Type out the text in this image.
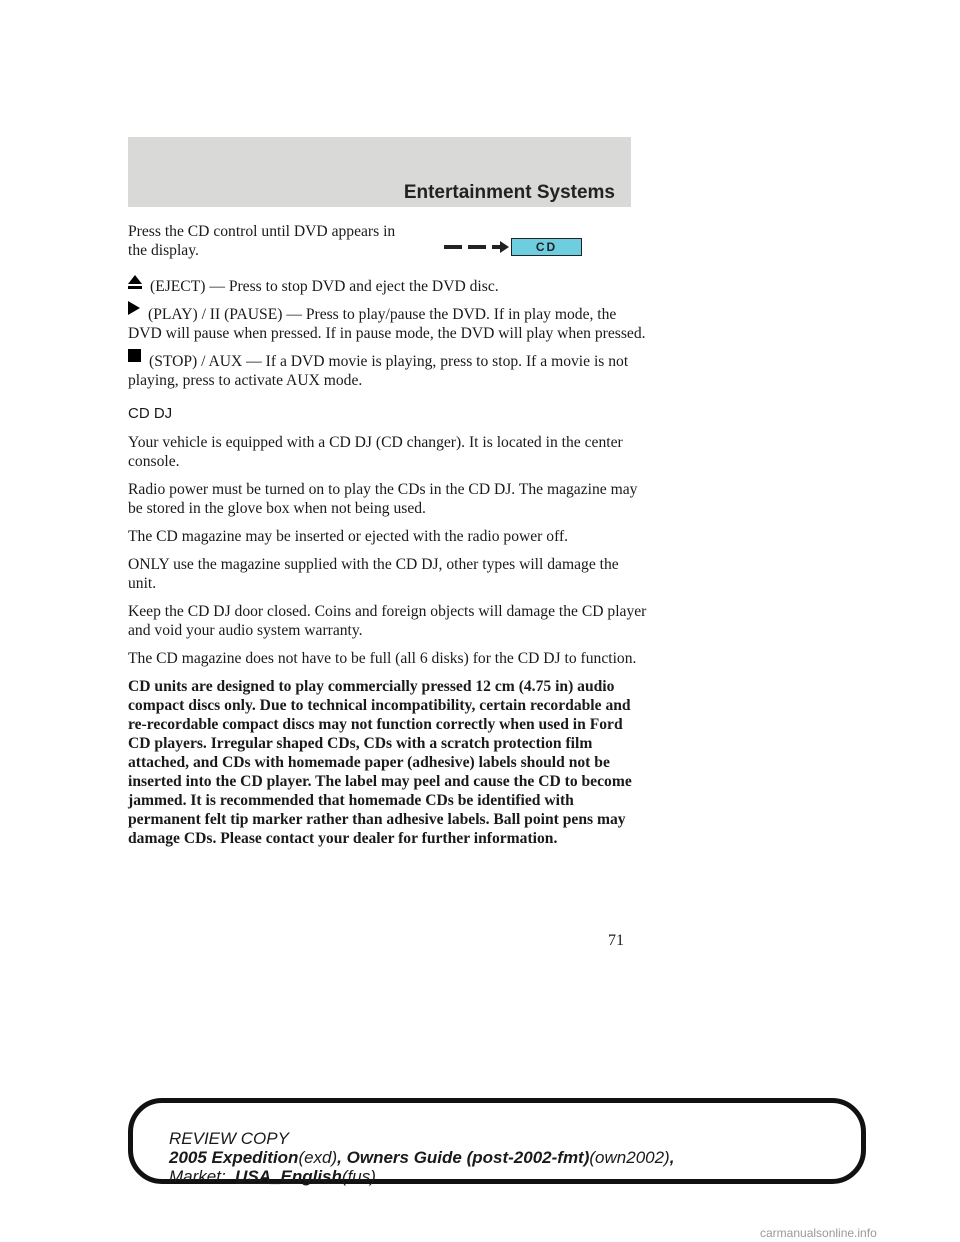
Entertainment Systems
CD

Press the CD control until DVD appears in the display.

(EJECT) — Press to stop DVD and eject the DVD disc.

(PLAY) / II (PAUSE) — Press to play/pause the DVD. If in play mode, the DVD will pause when pressed. If in pause mode, the DVD will play when pressed.

(STOP) / AUX — If a DVD movie is playing, press to stop. If a movie is not playing, press to activate AUX mode.

CD DJ

Your vehicle is equipped with a CD DJ (CD changer). It is located in the center console.

Radio power must be turned on to play the CDs in the CD DJ. The magazine may be stored in the glove box when not being used.

The CD magazine may be inserted or ejected with the radio power off.

ONLY use the magazine supplied with the CD DJ, other types will damage the unit.

Keep the CD DJ door closed. Coins and foreign objects will damage the CD player and void your audio system warranty.

The CD magazine does not have to be full (all 6 disks) for the CD DJ to function.

CD units are designed to play commercially pressed 12 cm (4.75 in) audio compact discs only. Due to technical incompatibility, certain recordable and re-recordable compact discs may not function correctly when used in Ford CD players. Irregular shaped CDs, CDs with a scratch protection film attached, and CDs with homemade paper (adhesive) labels should not be inserted into the CD player. The label may peel and cause the CD to become jammed. It is recommended that homemade CDs be identified with permanent felt tip marker rather than adhesive labels. Ball point pens may damage CDs. Please contact your dealer for further information.

71
REVIEW COPY
2005 Expedition(exd), Owners Guide (post-2002-fmt)(own2002),
Market: USA_English(fus)
carmanualsonline.info
